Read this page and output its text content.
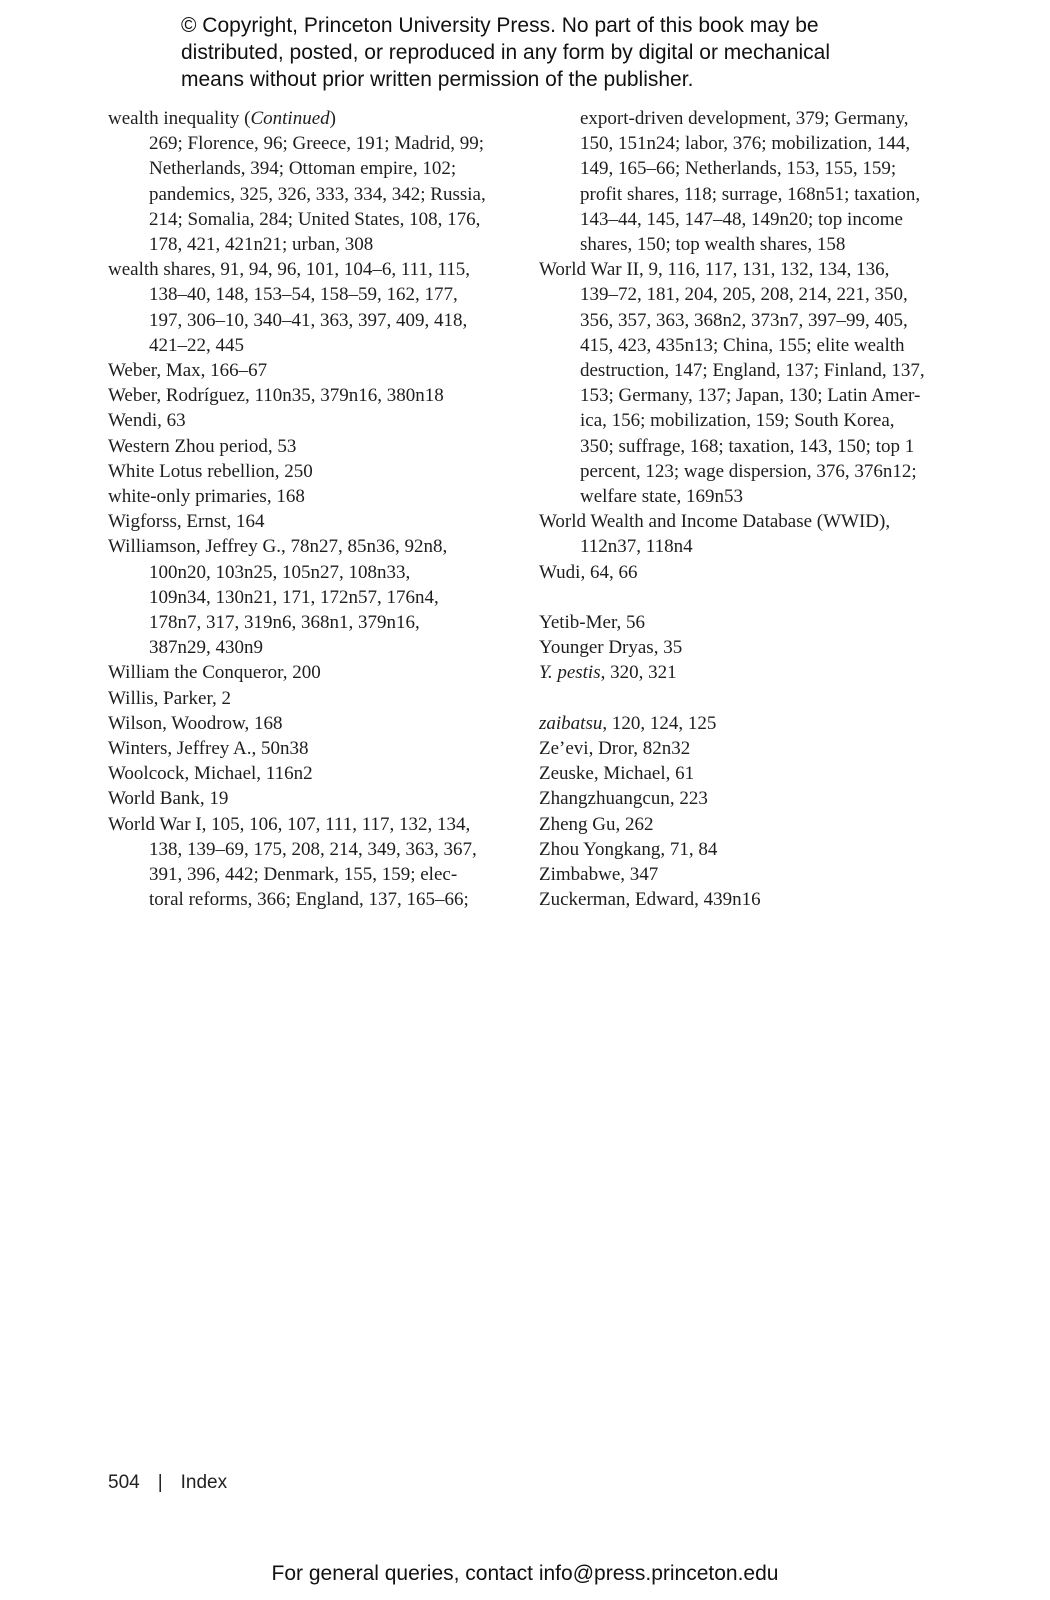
© Copyright, Princeton University Press. No part of this book may be
distributed, posted, or reproduced in any form by digital or mechanical
means without prior written permission of the publisher.
wealth inequality (Continued)
269; Florence, 96; Greece, 191; Madrid, 99;
Netherlands, 394; Ottoman empire, 102;
pandemics, 325, 326, 333, 334, 342; Russia,
214; Somalia, 284; United States, 108, 176,
178, 421, 421n21; urban, 308
wealth shares, 91, 94, 96, 101, 104–6, 111, 115,
138–40, 148, 153–54, 158–59, 162, 177,
197, 306–10, 340–41, 363, 397, 409, 418,
421–22, 445
Weber, Max, 166–67
Weber, Rodríguez, 110n35, 379n16, 380n18
Wendi, 63
Western Zhou period, 53
White Lotus rebellion, 250
white-only primaries, 168
Wigforss, Ernst, 164
Williamson, Jeffrey G., 78n27, 85n36, 92n8,
100n20, 103n25, 105n27, 108n33,
109n34, 130n21, 171, 172n57, 176n4,
178n7, 317, 319n6, 368n1, 379n16,
387n29, 430n9
William the Conqueror, 200
Willis, Parker, 2
Wilson, Woodrow, 168
Winters, Jeffrey A., 50n38
Woolcock, Michael, 116n2
World Bank, 19
World War I, 105, 106, 107, 111, 117, 132, 134,
138, 139–69, 175, 208, 214, 349, 363, 367,
391, 396, 442; Denmark, 155, 159; elec-
toral reforms, 366; England, 137, 165–66;
export-driven development, 379; Germany,
150, 151n24; labor, 376; mobilization, 144,
149, 165–66; Netherlands, 153, 155, 159;
profit shares, 118; surrage, 168n51; taxation,
143–44, 145, 147–48, 149n20; top income
shares, 150; top wealth shares, 158
World War II, 9, 116, 117, 131, 132, 134, 136,
139–72, 181, 204, 205, 208, 214, 221, 350,
356, 357, 363, 368n2, 373n7, 397–99, 405,
415, 423, 435n13; China, 155; elite wealth
destruction, 147; England, 137; Finland, 137,
153; Germany, 137; Japan, 130; Latin Amer-
ica, 156; mobilization, 159; South Korea,
350; suffrage, 168; taxation, 143, 150; top 1
percent, 123; wage dispersion, 376, 376n12;
welfare state, 169n53
World Wealth and Income Database (WWID),
112n37, 118n4
Wudi, 64, 66
Yetib-Mer, 56
Younger Dryas, 35
Y. pestis, 320, 321
zaibatsu, 120, 124, 125
Ze’evi, Dror, 82n32
Zeuske, Michael, 61
Zhangzhuangcun, 223
Zheng Gu, 262
Zhou Yongkang, 71, 84
Zimbabwe, 347
Zuckerman, Edward, 439n16
504 | Index
For general queries, contact info@press.princeton.edu
